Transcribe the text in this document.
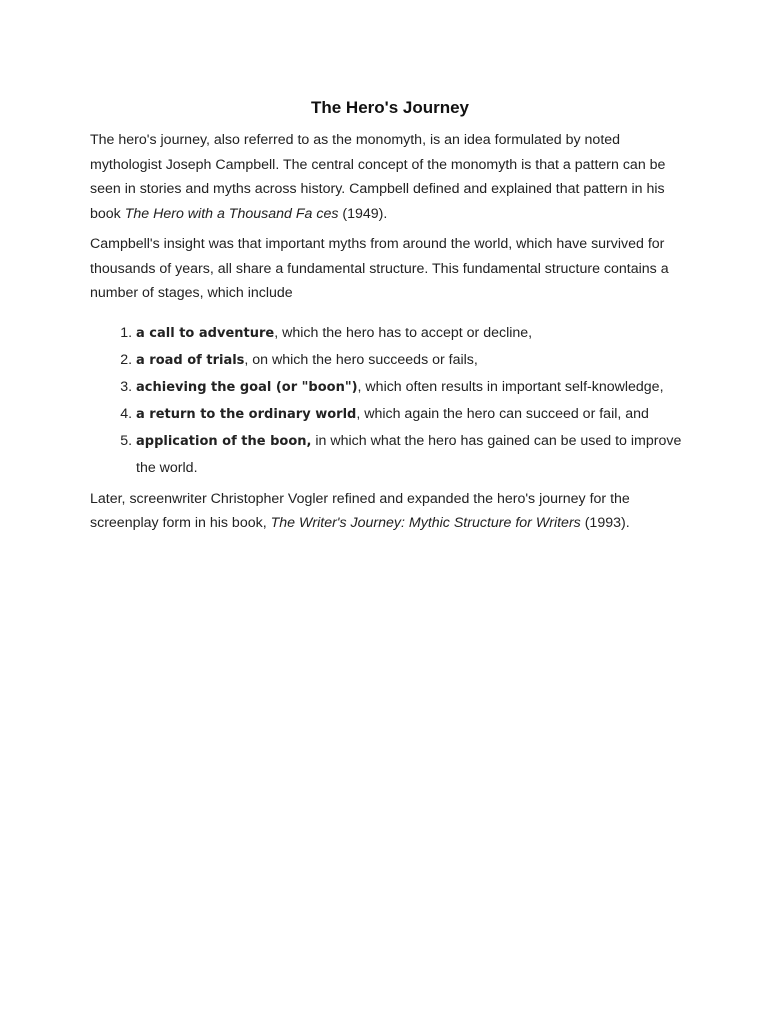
The Hero's Journey

The hero's journey, also referred to as the monomyth, is an idea formulated by noted mythologist Joseph Campbell. The central concept of the monomyth is that a pattern can be seen in stories and myths across history. Campbell defined and explained that pattern in his book The Hero with a Thousand Fa ces (1949).

Campbell's insight was that important myths from around the world, which have survived for thousands of years, all share a fundamental structure. This fundamental structure contains a number of stages, which include

1. a call to adventure, which the hero has to accept or decline,
2. a road of trials, on which the hero succeeds or fails,
3. achieving the goal (or "boon"), which often results in important self-knowledge,
4. a return to the ordinary world, which again the hero can succeed or fail, and
5. application of the boon, in which what the hero has gained can be used to improve the world.

Later, screenwriter Christopher Vogler refined and expanded the hero's journey for the screenplay form in his book, The Writer's Journey: Mythic Structure for Writers (1993).
